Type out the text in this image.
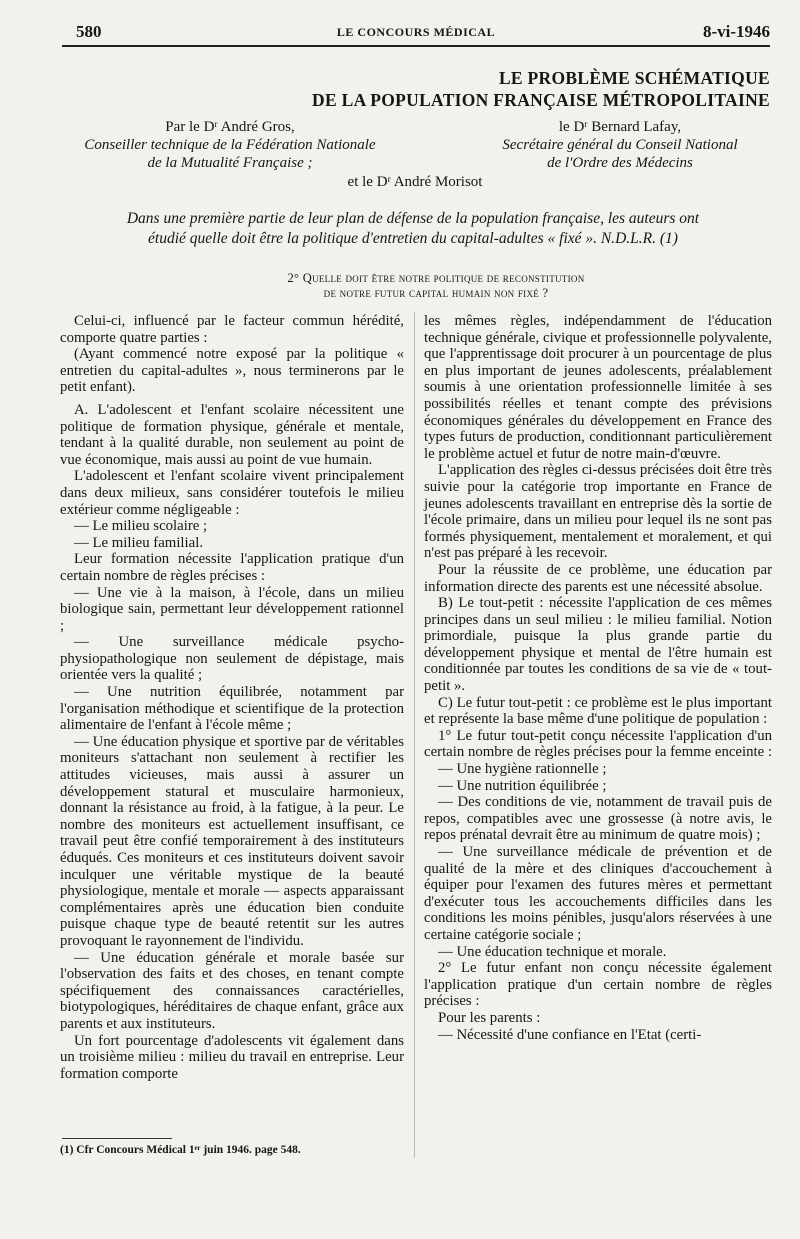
580	LE CONCOURS MÉDICAL	8-vi-1946
LE PROBLÈME SCHÉMATIQUE
DE LA POPULATION FRANÇAISE MÉTROPOLITAINE
Par le Dʳ André Gros,
Conseiller technique de la Fédération Nationale
de la Mutualité Française ;
le Dʳ Bernard Lafay,
Secrétaire général du Conseil National
de l'Ordre des Médecins
et le Dʳ André Morisot
Dans une première partie de leur plan de défense de la population française, les auteurs ont
étudié quelle doit être la politique d'entretien du capital-adultes « fixé ». N.D.L.R. (1)
2° Quelle doit être notre politique de reconstitution
de notre futur capital humain non fixé ?

Celui-ci, influencé par le facteur commun hérédité, comporte quatre parties :

(Ayant commencé notre exposé par la politique « entretien du capital-adultes », nous terminerons par le petit enfant).

A. L'adolescent et l'enfant scolaire nécessitent une politique de formation physique, générale et mentale, tendant à la qualité durable, non seulement au point de vue économique, mais aussi au point de vue humain.

L'adolescent et l'enfant scolaire vivent principalement dans deux milieux, sans considérer toutefois le milieu extérieur comme négligeable :

— Le milieu scolaire ;

— Le milieu familial.

Leur formation nécessite l'application pratique d'un certain nombre de règles précises :

— Une vie à la maison, à l'école, dans un milieu biologique sain, permettant leur développement rationnel ;

— Une surveillance médicale psycho-physiopathologique non seulement de dépistage, mais orientée vers la qualité ;

— Une nutrition équilibrée, notamment par l'organisation méthodique et scientifique de la protection alimentaire de l'enfant à l'école même ;

— Une éducation physique et sportive par de véritables moniteurs s'attachant non seulement à rectifier les attitudes vicieuses, mais aussi à assurer un développement statural et musculaire harmonieux, donnant la résistance au froid, à la fatigue, à la peur. Le nombre des moniteurs est actuellement insuffisant, ce travail peut être confié temporairement à des instituteurs éduqués. Ces moniteurs et ces instituteurs doivent savoir inculquer une véritable mystique de la beauté physiologique, mentale et morale — aspects apparaissant complémentaires après une éducation bien conduite puisque chaque type de beauté retentit sur les autres provoquant le rayonnement de l'individu.

— Une éducation générale et morale basée sur l'observation des faits et des choses, en tenant compte spécifiquement des connaissances caractérielles, biotypologiques, héréditaires de chaque enfant, grâce aux parents et aux instituteurs.

Un fort pourcentage d'adolescents vit également dans un troisième milieu : milieu du travail en entreprise. Leur formation comporte

les mêmes règles, indépendamment de l'éducation technique générale, civique et professionnelle polyvalente, que l'apprentissage doit procurer à un pourcentage de plus en plus important de jeunes adolescents, préalablement soumis à une orientation professionnelle limitée à ses possibilités réelles et tenant compte des prévisions économiques générales du développement en France des types futurs de production, conditionnant particulièrement le problème actuel et futur de notre main-d'œuvre.

L'application des règles ci-dessus précisées doit être très suivie pour la catégorie trop importante en France de jeunes adolescents travaillant en entreprise dès la sortie de l'école primaire, dans un milieu pour lequel ils ne sont pas formés physiquement, mentalement et moralement, et qui n'est pas préparé à les recevoir.

Pour la réussite de ce problème, une éducation par information directe des parents est une nécessité absolue.

B) Le tout-petit : nécessite l'application de ces mêmes principes dans un seul milieu : le milieu familial. Notion primordiale, puisque la plus grande partie du développement physique et mental de l'être humain est conditionnée par toutes les conditions de sa vie de « tout-petit ».

C) Le futur tout-petit : ce problème est le plus important et représente la base même d'une politique de population :

1° Le futur tout-petit conçu nécessite l'application d'un certain nombre de règles précises pour la femme enceinte :

— Une hygiène rationnelle ;

— Une nutrition équilibrée ;

— Des conditions de vie, notamment de travail puis de repos, compatibles avec une grossesse (à notre avis, le repos prénatal devrait être au minimum de quatre mois) ;

— Une surveillance médicale de prévention et de qualité de la mère et des cliniques d'accouchement à équiper pour l'examen des futures mères et permettant d'exécuter tous les accouchements difficiles dans les conditions les moins pénibles, jusqu'alors réservées à une certaine catégorie sociale ;

— Une éducation technique et morale.

2° Le futur enfant non conçu nécessite également l'application pratique d'un certain nombre de règles précises :

Pour les parents :

— Nécessité d'une confiance en l'Etat (certi-

(1) Cfr Concours Médical 1ᵉʳ juin 1946. page 548.
